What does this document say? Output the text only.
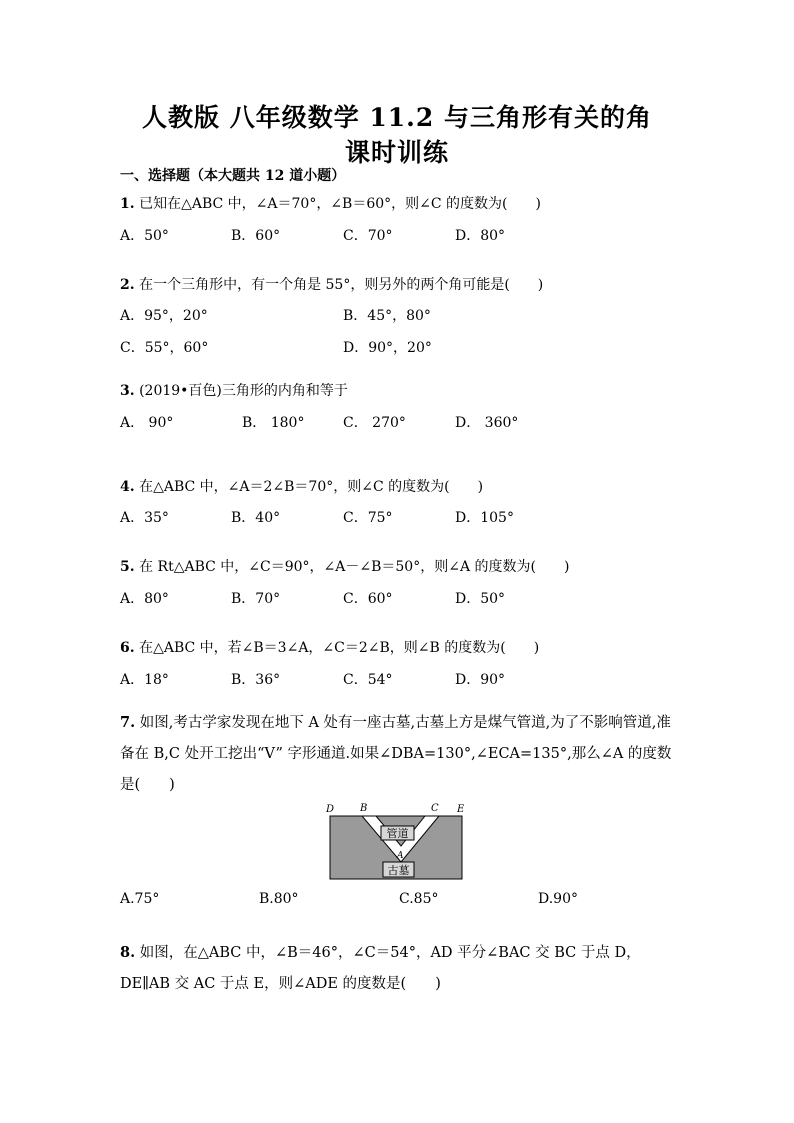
人教版 八年级数学 11.2 与三角形有关的角
课时训练
一、选择题（本大题共 12 道小题）
1. 已知在△ABC 中，∠A＝70°，∠B＝60°，则∠C 的度数为(　　)
A．50°	B．60°	C．70°	D．80°
2. 在一个三角形中，有一个角是 55°，则另外的两个角可能是(　　)
A．95°，20°	B．45°，80°
C．55°，60°	D．90°，20°
3. (2019•百色)三角形的内角和等于
A． 90°	B． 180°	C． 270°	D． 360°
4. 在△ABC 中，∠A＝2∠B＝70°，则∠C 的度数为(　　)
A．35°	B．40°	C．75°	D．105°
5. 在 Rt△ABC 中，∠C＝90°，∠A－∠B＝50°，则∠A 的度数为(　　)
A．80°	B．70°	C．60°	D．50°
6. 在△ABC 中，若∠B＝3∠A，∠C＝2∠B，则∠B 的度数为(　　)
A．18°	B．36°	C．54°	D．90°
7. 如图,考古学家发现在地下 A 处有一座古墓,古墓上方是煤气管道,为了不影响管道,准备在 B,C 处开工挖出“V” 字形通道.如果∠DBA=130°,∠ECA=135°,那么∠A 的度数是(　　)
管道
古墓
D	B	C E
A
A.75°	B.80°	C.85°	D.90°
8. 如图，在△ABC 中，∠B＝46°，∠C＝54°，AD 平分∠BAC 交 BC 于点 D，DE∥AB 交 AC 于点 E，则∠ADE 的度数是(　　)
